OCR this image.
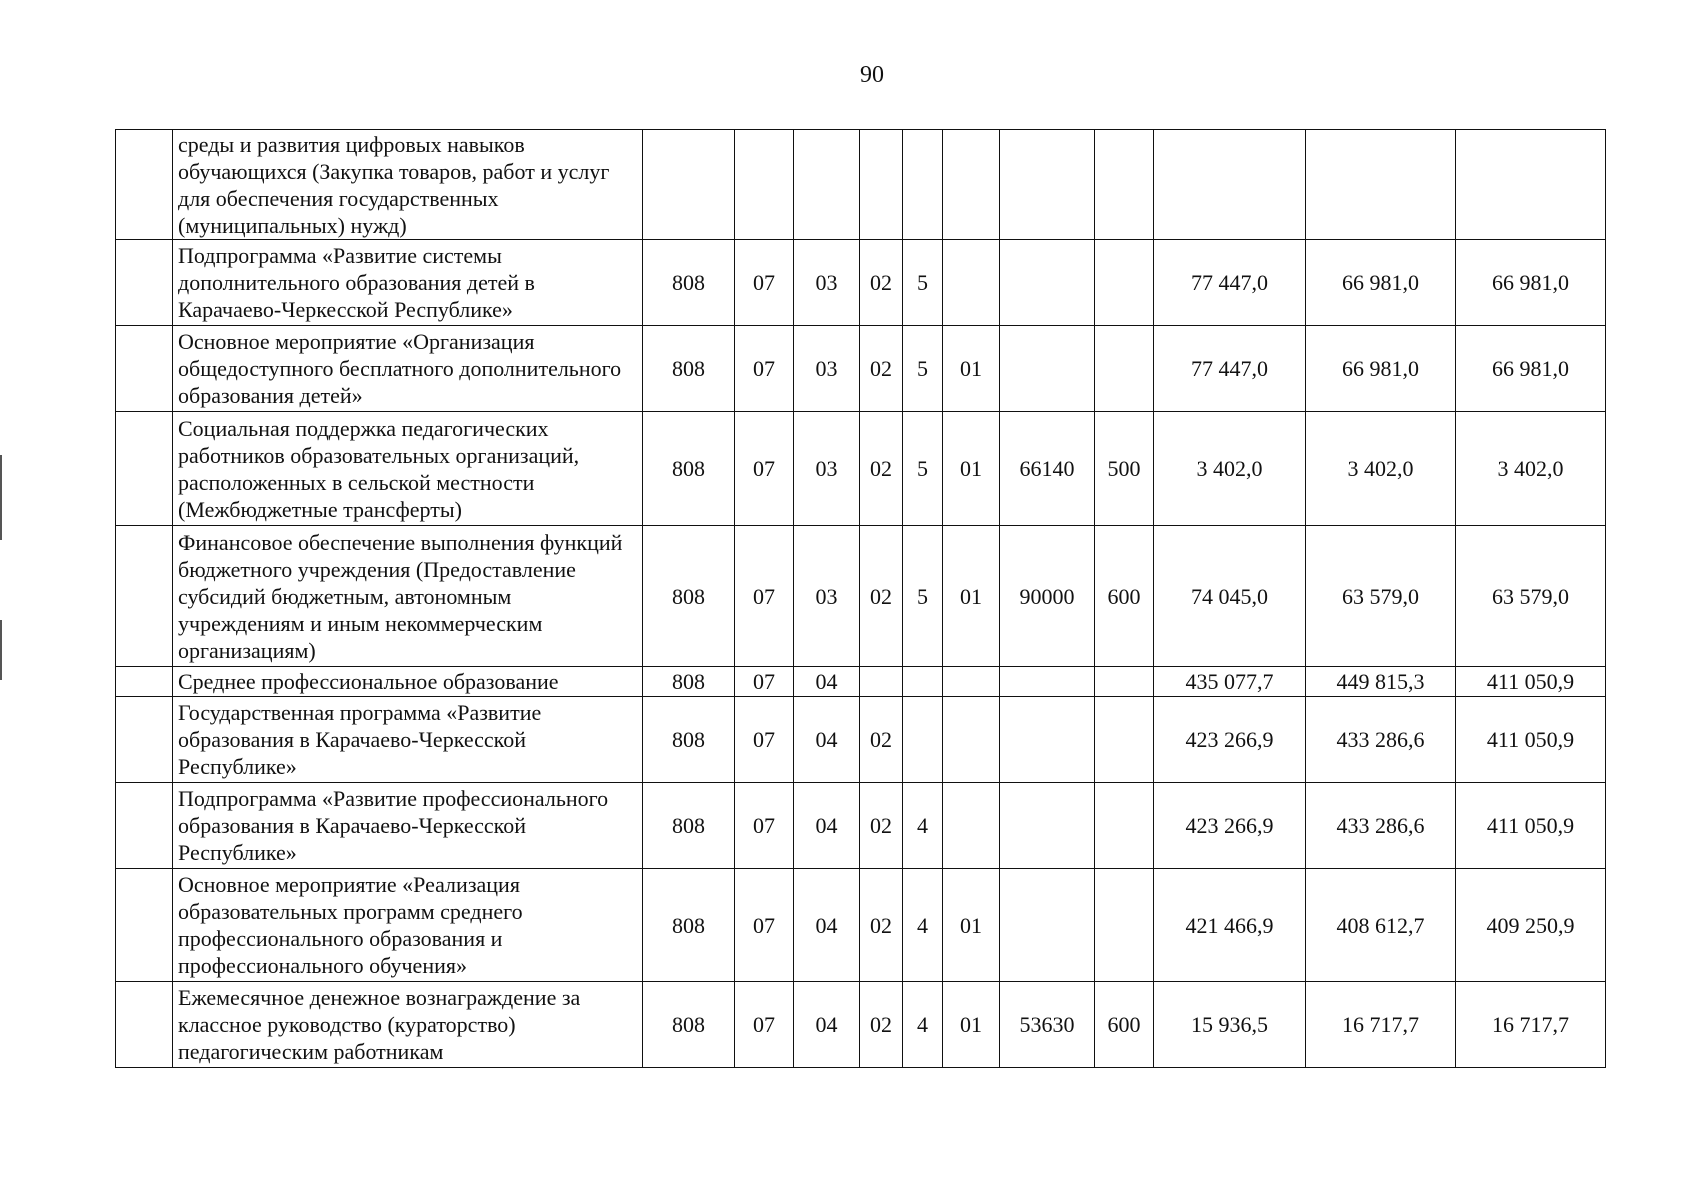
90
	среды и развития цифровых навыков обучающихся (Закупка товаров, работ и услуг для обеспечения государственных (муниципальных) нужд)											
	Подпрограмма «Развитие системы дополнительного образования детей в Карачаево-Черкесской Республике»	808	07	03	02	5				77 447,0	66 981,0	66 981,0
	Основное мероприятие «Организация общедоступного бесплатного дополнительного образования детей»	808	07	03	02	5	01			77 447,0	66 981,0	66 981,0
	Социальная поддержка педагогических работников образовательных организаций, расположенных в сельской местности (Межбюджетные трансферты)	808	07	03	02	5	01	66140	500	3 402,0	3 402,0	3 402,0
	Финансовое обеспечение выполнения функций бюджетного учреждения (Предоставление субсидий бюджетным, автономным учреждениям и иным некоммерческим организациям)	808	07	03	02	5	01	90000	600	74 045,0	63 579,0	63 579,0
	Среднее профессиональное образование	808	07	04						435 077,7	449 815,3	411 050,9
	Государственная программа «Развитие образования в Карачаево-Черкесской Республике»	808	07	04	02					423 266,9	433 286,6	411 050,9
	Подпрограмма «Развитие профессионального образования в Карачаево-Черкесской Республике»	808	07	04	02	4				423 266,9	433 286,6	411 050,9
	Основное мероприятие «Реализация образовательных программ среднего профессионального образования и профессионального обучения»	808	07	04	02	4	01			421 466,9	408 612,7	409 250,9
	Ежемесячное денежное вознаграждение за классное руководство (кураторство) педагогическим работникам	808	07	04	02	4	01	53630	600	15 936,5	16 717,7	16 717,7
